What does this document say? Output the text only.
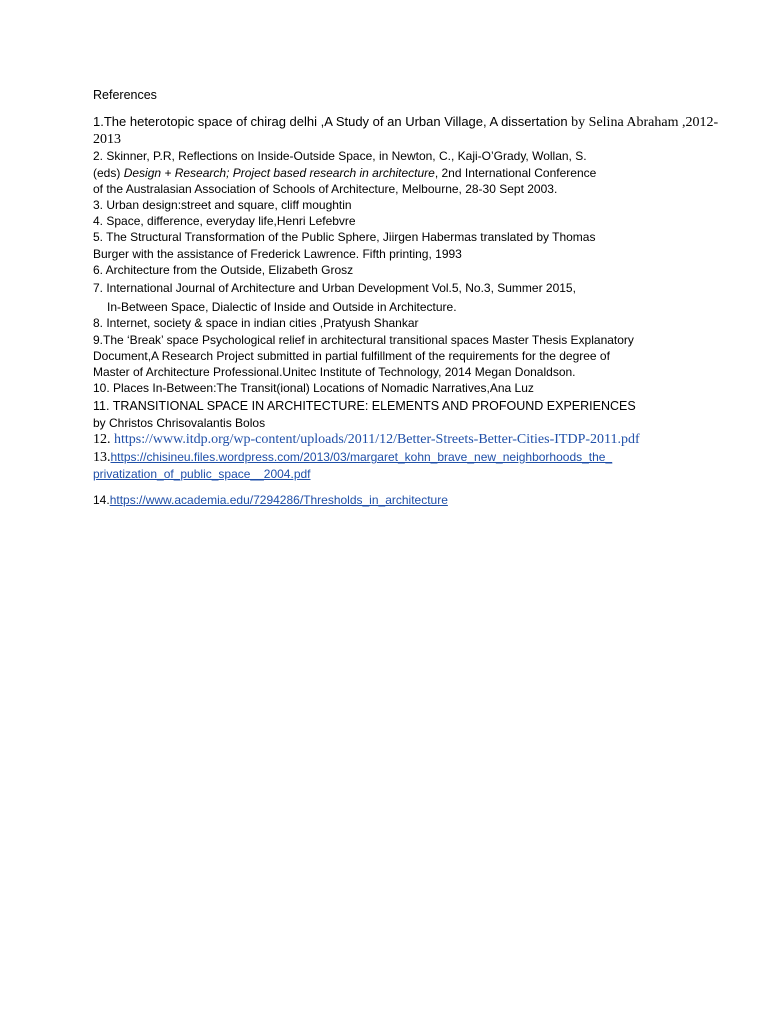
References

1.The heterotopic space of chirag delhi ,A Study of an Urban Village, A dissertation by Selina Abraham ,2012-2013

2. Skinner, P.R, Reflections on Inside-Outside Space, in Newton, C., Kaji-O’Grady, Wollan, S.
(eds) Design + Research; Project based research in architecture, 2nd International Conference
of the Australasian Association of Schools of Architecture, Melbourne, 28-30 Sept 2003.

3. Urban design:street and square, cliff moughtin

4. Space, difference, everyday life,Henri Lefebvre

5. The Structural Transformation of the Public Sphere, Jiirgen Habermas translated by Thomas
Burger with the assistance of Frederick Lawrence. Fifth printing, 1993

6. Architecture from the Outside, Elizabeth Grosz

7. International Journal of Architecture and Urban Development Vol.5, No.3, Summer 2015,

In-Between Space, Dialectic of Inside and Outside in Architecture.

8. Internet, society & space in indian cities ,Pratyush Shankar

9.The ‘Break’ space Psychological relief in architectural transitional spaces Master Thesis Explanatory
Document,A Research Project submitted in partial fulfillment of the requirements for the degree of
Master of Architecture Professional.Unitec Institute of Technology, 2014 Megan Donaldson.

10. Places In-Between:The Transit(ional) Locations of Nomadic Narratives,Ana Luz

11. TRANSITIONAL SPACE IN ARCHITECTURE: ELEMENTS AND PROFOUND EXPERIENCES
by Christos Chrisovalantis Bolos

12. https://www.itdp.org/wp-content/uploads/2011/12/Better-Streets-Better-Cities-ITDP-2011.pdf

13.https://chisineu.files.wordpress.com/2013/03/margaret_kohn_brave_new_neighborhoods_the_
privatization_of_public_space__2004.pdf

14.https://www.academia.edu/7294286/Thresholds_in_architecture
